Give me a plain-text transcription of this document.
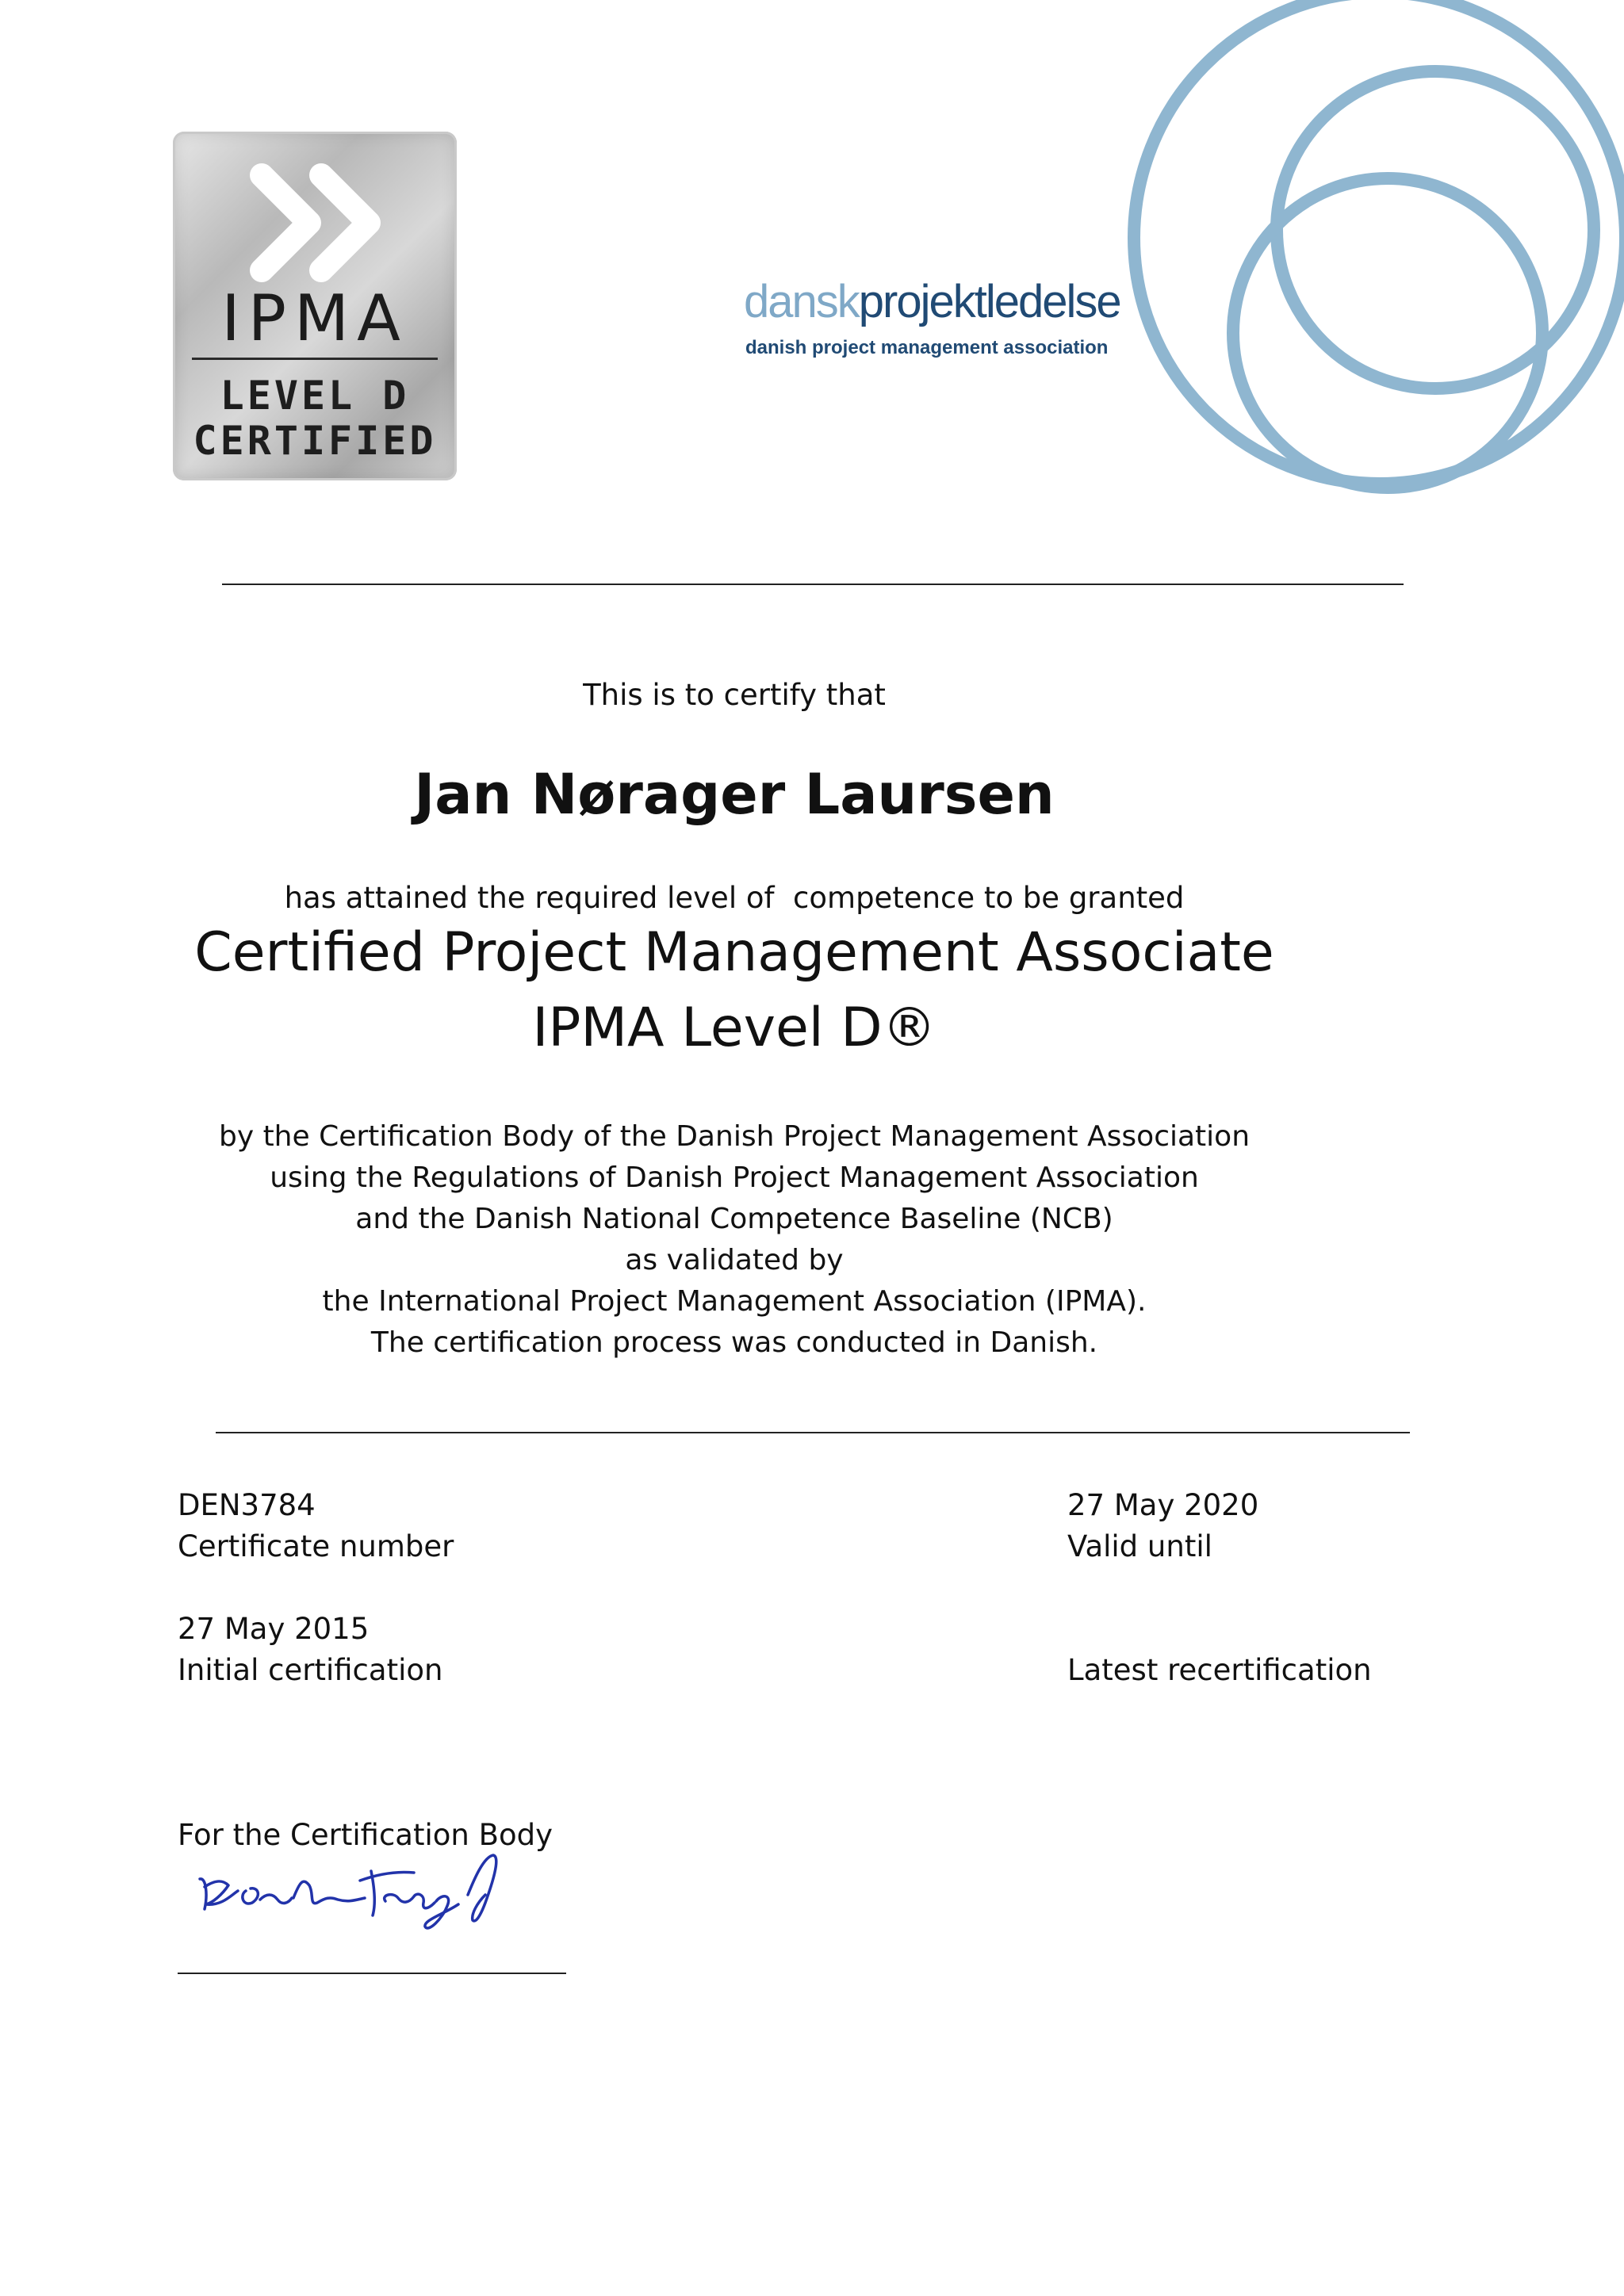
IPMA
LEVEL D
CERTIFIED
danskprojektledelse
danish project management association
This is to certify that
Jan Nørager Laursen
has attained the required level of  competence to be granted
Certified Project Management Associate
IPMA Level D®
by the Certification Body of the Danish Project Management Association
using the Regulations of Danish Project Management Association
and the Danish National Competence Baseline (NCB)
as validated by
the International Project Management Association (IPMA).
The certification process was conducted in Danish.
DEN3784
Certificate number
27 May 2020
Valid until
27 May 2015
Initial certification	Latest recertification
For the Certification Body
